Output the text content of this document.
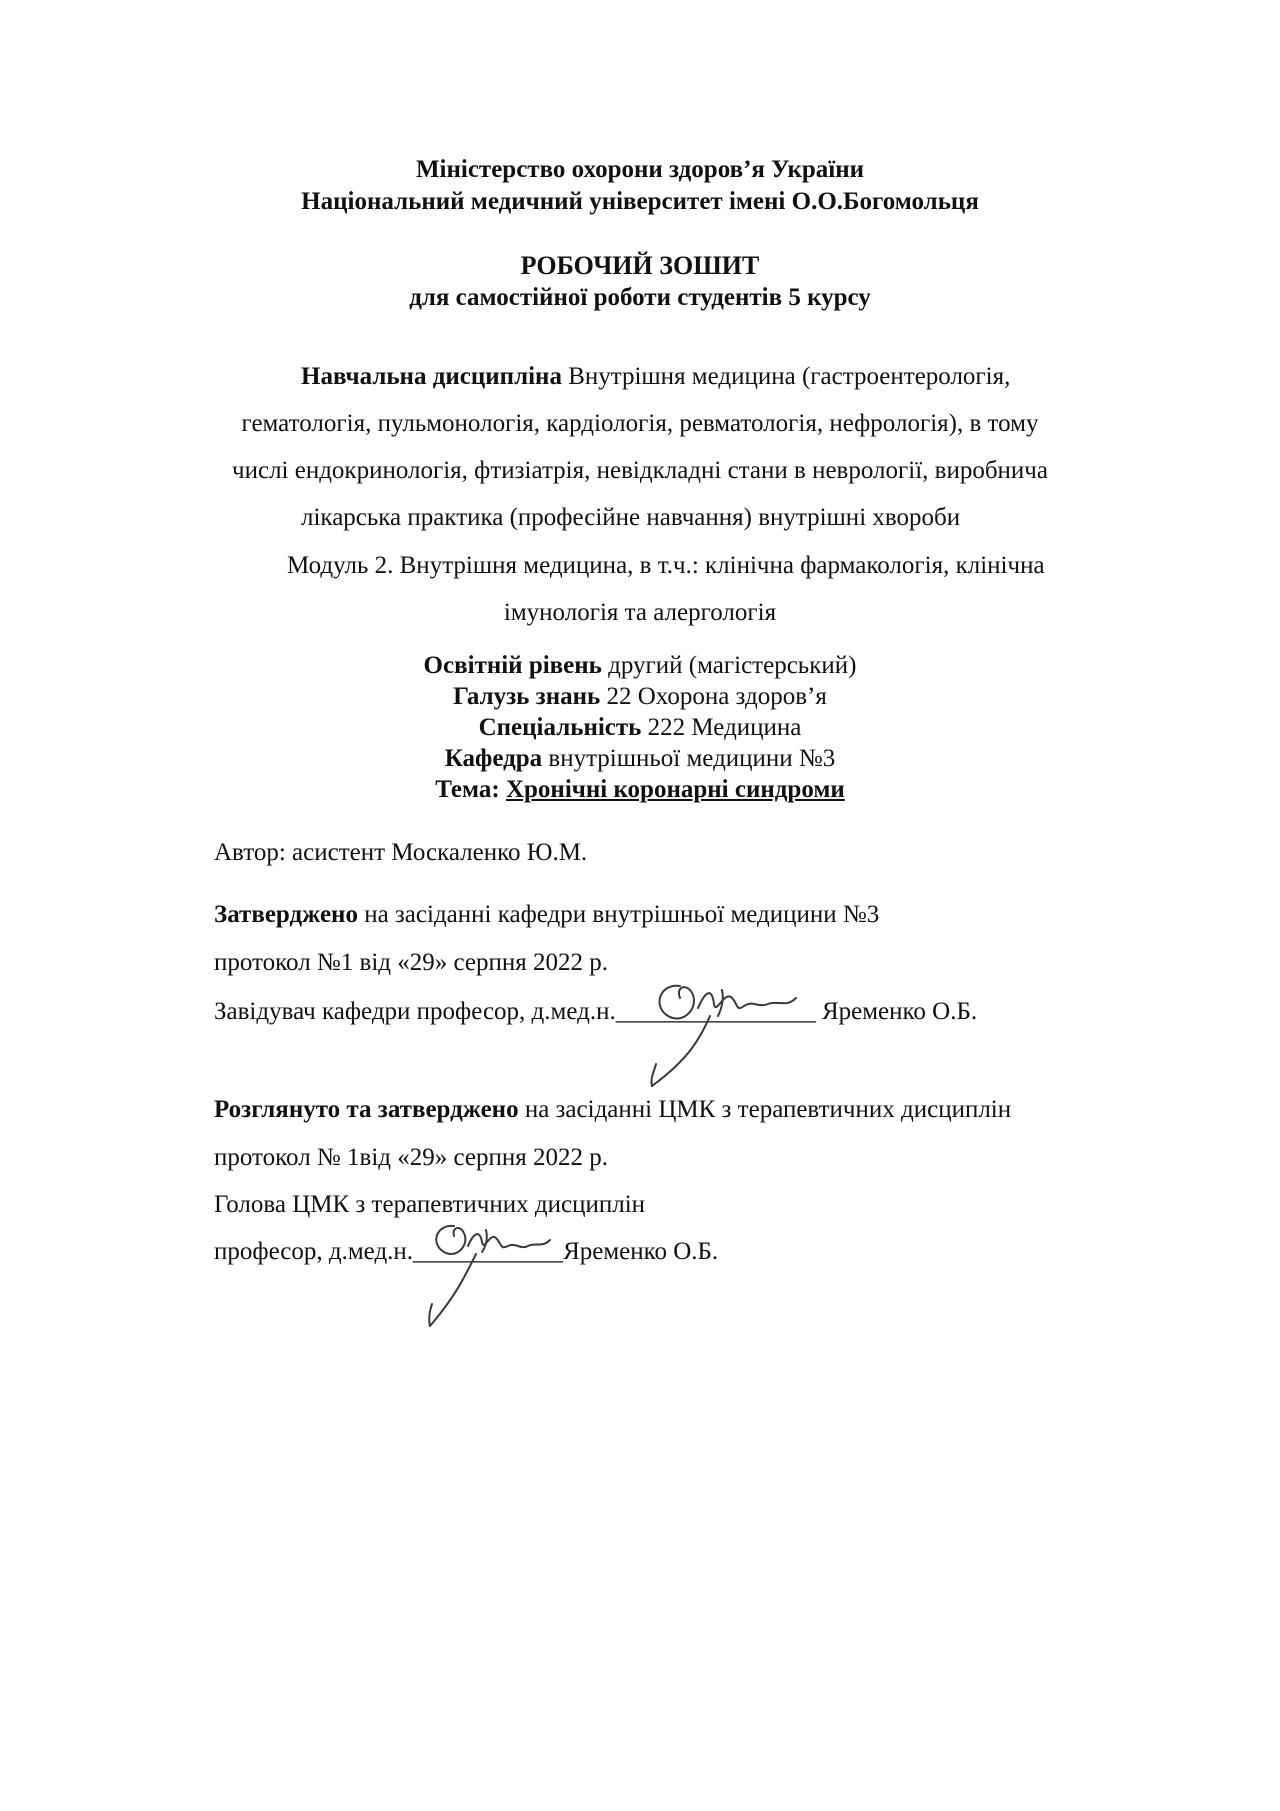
Міністерство охорони здоров’я України
Національний медичний університет імені О.О.Богомольця
РОБОЧИЙ ЗОШИТ
для самостійної роботи студентів 5 курсу
Навчальна дисципліна Внутрішня медицина (гастроентерологія,
гематологія, пульмонологія, кардіологія, ревматологія, нефрологія), в тому
числі ендокринологія, фтизіатрія, невідкладні стани в неврології, виробнича
лікарська практика (професійне навчання) внутрішні хвороби
Модуль 2. Внутрішня медицина, в т.ч.: клінічна фармакологія, клінічна
імунологія та алергологія
Освітній рівень другий (магістерський)
Галузь знань 22 Охорона здоров’я
Спеціальність 222 Медицина
Кафедра внутрішньої медицини №3
Тема: Хронічні коронарні синдроми
Автор: асистент Москаленко Ю.М.
Затверджено на засіданні кафедри внутрішньої медицини №3
протокол №1 від «29» серпня 2022 р.
Завідувач кафедри професор, д.мед.н.________________ Яременко О.Б.
Розглянуто та затверджено на засіданні ЦМК з терапевтичних дисциплін
протокол № 1від «29» серпня 2022 р.
Голова ЦМК з терапевтичних дисциплін
професор, д.мед.н.____________Яременко О.Б.
